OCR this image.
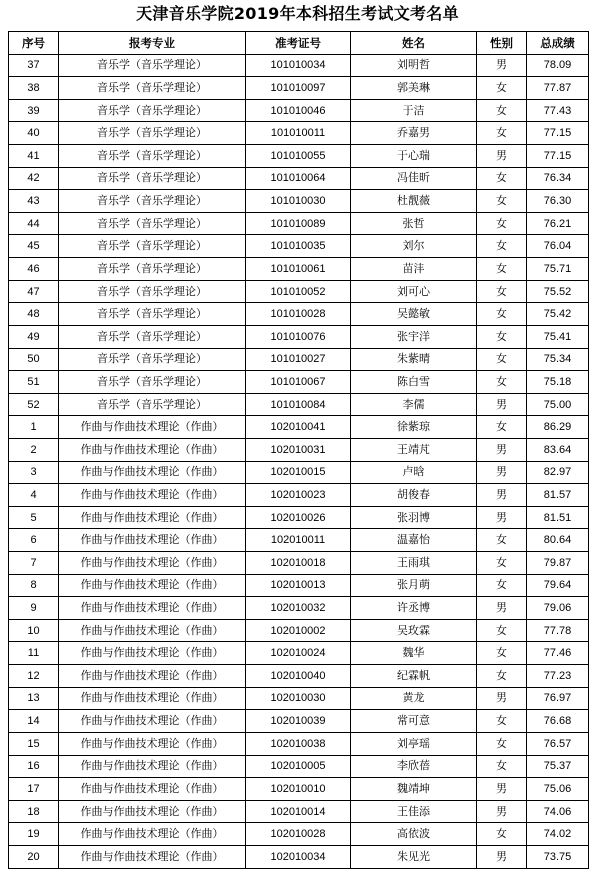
天津音乐学院2019年本科招生考试文考名单
序号	报考专业	准考证号	姓名	性别	总成绩
37	音乐学（音乐学理论）	101010034	刘明哲	男	78.09
38	音乐学（音乐学理论）	101010097	郭美琳	女	77.87
39	音乐学（音乐学理论）	101010046	于洁	女	77.43
40	音乐学（音乐学理论）	101010011	乔嘉男	女	77.15
41	音乐学（音乐学理论）	101010055	于心瑞	男	77.15
42	音乐学（音乐学理论）	101010064	冯佳昕	女	76.34
43	音乐学（音乐学理论）	101010030	杜靓薇	女	76.30
44	音乐学（音乐学理论）	101010089	张哲	女	76.21
45	音乐学（音乐学理论）	101010035	刘尔	女	76.04
46	音乐学（音乐学理论）	101010061	苗沣	女	75.71
47	音乐学（音乐学理论）	101010052	刘可心	女	75.52
48	音乐学（音乐学理论）	101010028	吴懿敏	女	75.42
49	音乐学（音乐学理论）	101010076	张宇洋	女	75.41
50	音乐学（音乐学理论）	101010027	朱紫晴	女	75.34
51	音乐学（音乐学理论）	101010067	陈白雪	女	75.18
52	音乐学（音乐学理论）	101010084	李儒	男	75.00
1	作曲与作曲技术理论（作曲）	102010041	徐紫琼	女	86.29
2	作曲与作曲技术理论（作曲）	102010031	王靖芃	男	83.64
3	作曲与作曲技术理论（作曲）	102010015	卢晗	男	82.97
4	作曲与作曲技术理论（作曲）	102010023	胡俊春	男	81.57
5	作曲与作曲技术理论（作曲）	102010026	张羽博	男	81.51
6	作曲与作曲技术理论（作曲）	102010011	温嘉怡	女	80.64
7	作曲与作曲技术理论（作曲）	102010018	王雨琪	女	79.87
8	作曲与作曲技术理论（作曲）	102010013	张月萌	女	79.64
9	作曲与作曲技术理论（作曲）	102010032	许丞博	男	79.06
10	作曲与作曲技术理论（作曲）	102010002	吴玫霖	女	77.78
11	作曲与作曲技术理论（作曲）	102010024	魏华	女	77.46
12	作曲与作曲技术理论（作曲）	102010040	纪霖帆	女	77.23
13	作曲与作曲技术理论（作曲）	102010030	黄龙	男	76.97
14	作曲与作曲技术理论（作曲）	102010039	常可意	女	76.68
15	作曲与作曲技术理论（作曲）	102010038	刘亭瑶	女	76.57
16	作曲与作曲技术理论（作曲）	102010005	李欣蓓	女	75.37
17	作曲与作曲技术理论（作曲）	102010010	魏靖坤	男	75.06
18	作曲与作曲技术理论（作曲）	102010014	王佳添	男	74.06
19	作曲与作曲技术理论（作曲）	102010028	高依波	女	74.02
20	作曲与作曲技术理论（作曲）	102010034	朱见光	男	73.75
